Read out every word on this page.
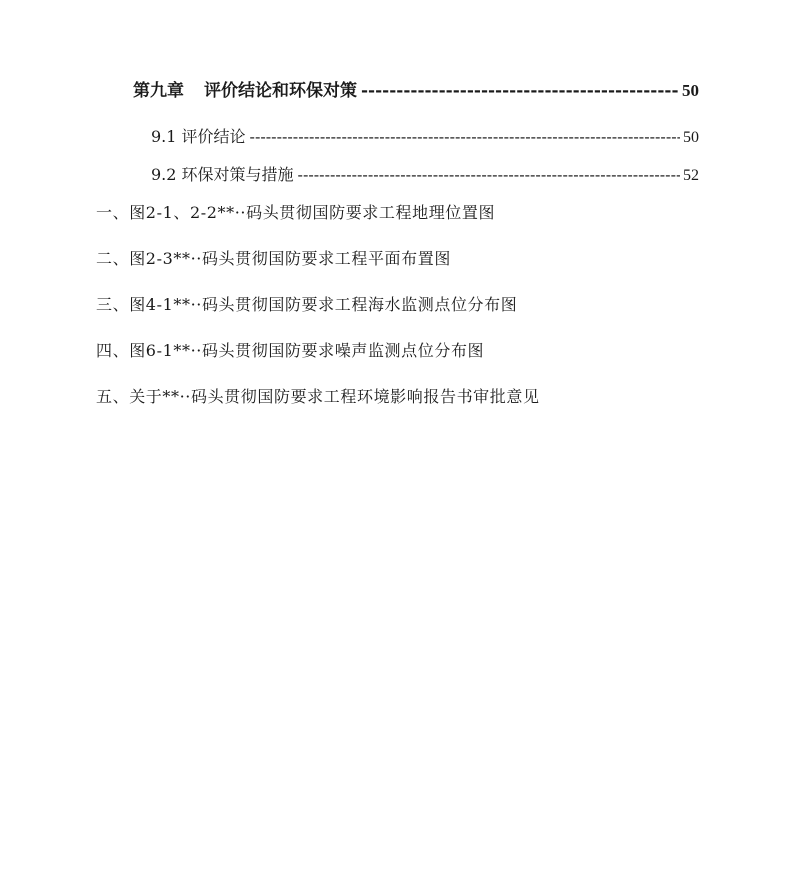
第九章 评价结论和环保对策 -----	50
9.1 评价结论 -----	50
9.2 环保对策与措施 -----	52
一、图2-1、2-2**··码头贯彻国防要求工程地理位置图
二、图2-3**··码头贯彻国防要求工程平面布置图
三、图4-1**··码头贯彻国防要求工程海水监测点位分布图
四、图6-1**··码头贯彻国防要求噪声监测点位分布图
五、关于**··码头贯彻国防要求工程环境影响报告书审批意见
